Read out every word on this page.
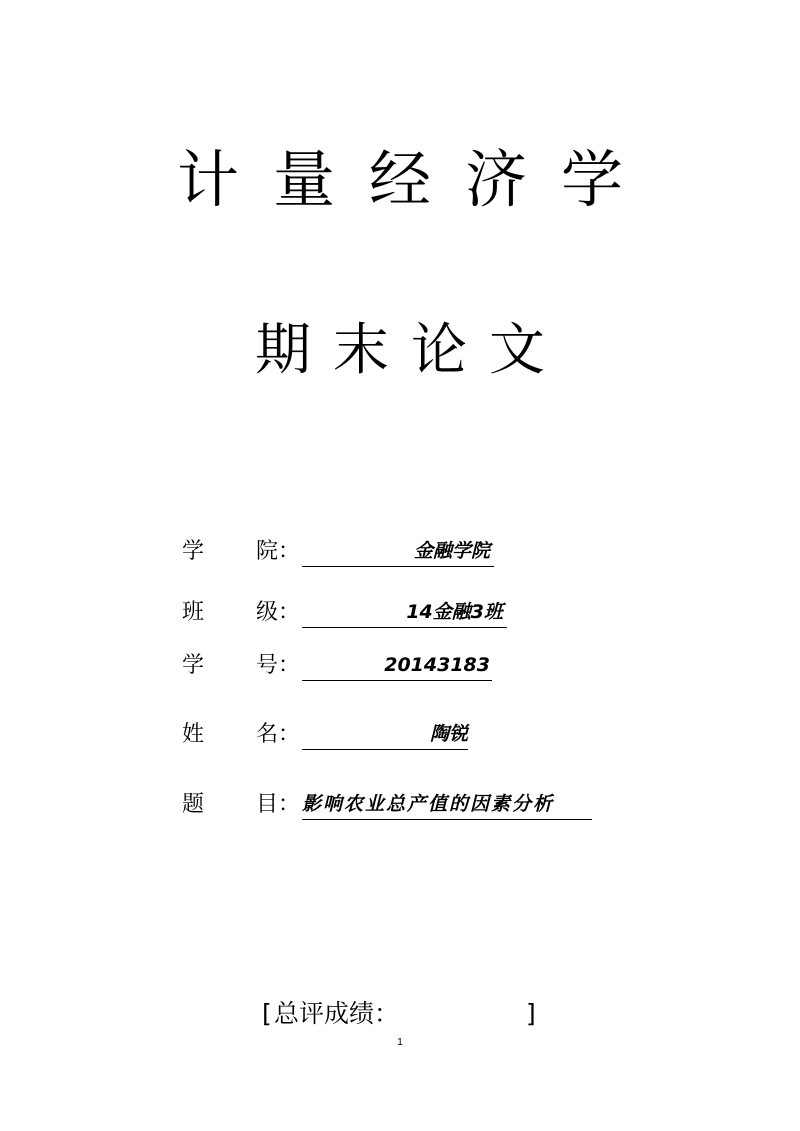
计量经济学
期末论文
学	院 ：	金融学院
班	级 ：	14金融3班
学	号 ：	20143183
姓	名 ：	陶锐
题	目 ： 影响农业总产值的因素分析
[ 总评成绩：	]
1
